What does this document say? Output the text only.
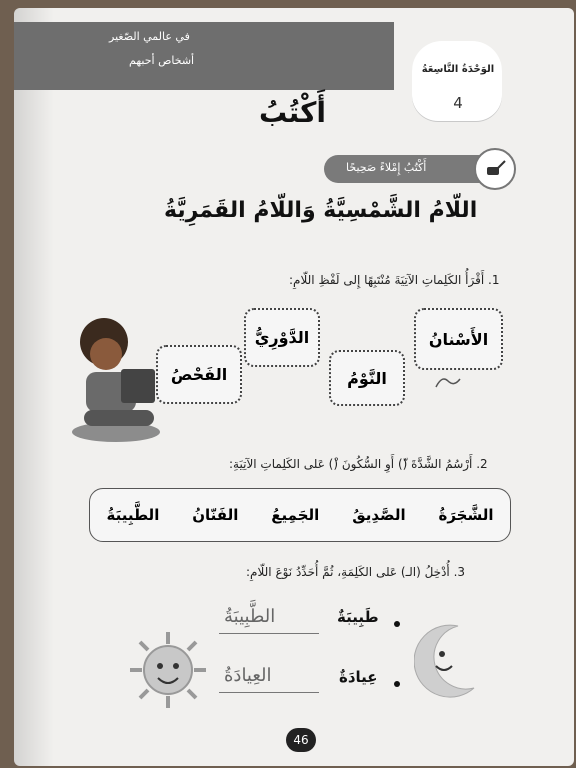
في عالمي الصّغير
أشخاص أحبهم
الوَحْدَةُ التَّاسِعَةُ
4
أَكْتُبُ
أَكْتُبُ إِمْلاءً صَحِيحًا
اللّامُ الشَّمْسِيَّةُ وَاللّامُ القَمَرِيَّةُ
1. أَقْرَأُ الكَلِماتِ الآتِيَةَ مُنْتَبِهًا إِلى لَفْظِ اللّامِ:
الأَسْنانُ
الدَّوْرِيُّ
النَّوْمُ
الفَحْصُ
2. أَرْسُمُ الشَّدَّةَ (ّ) أَوِ السُّكُونَ (ْ) عَلى الكَلِماتِ الآتِيَةِ:
الطَّبِيبَةُ الفَنّانُ الجَمِيعُ الصَّدِيقُ الشَّجَرَةُ
3. أُدْخِلُ (الـ) عَلى الكَلِمَةِ، ثُمَّ أُحَدِّدُ نَوْعَ اللّامِ:
طَبِيبَةٌ
الطَّبِيبَةُ
عِيادَةٌ
العِيادَةُ
46
